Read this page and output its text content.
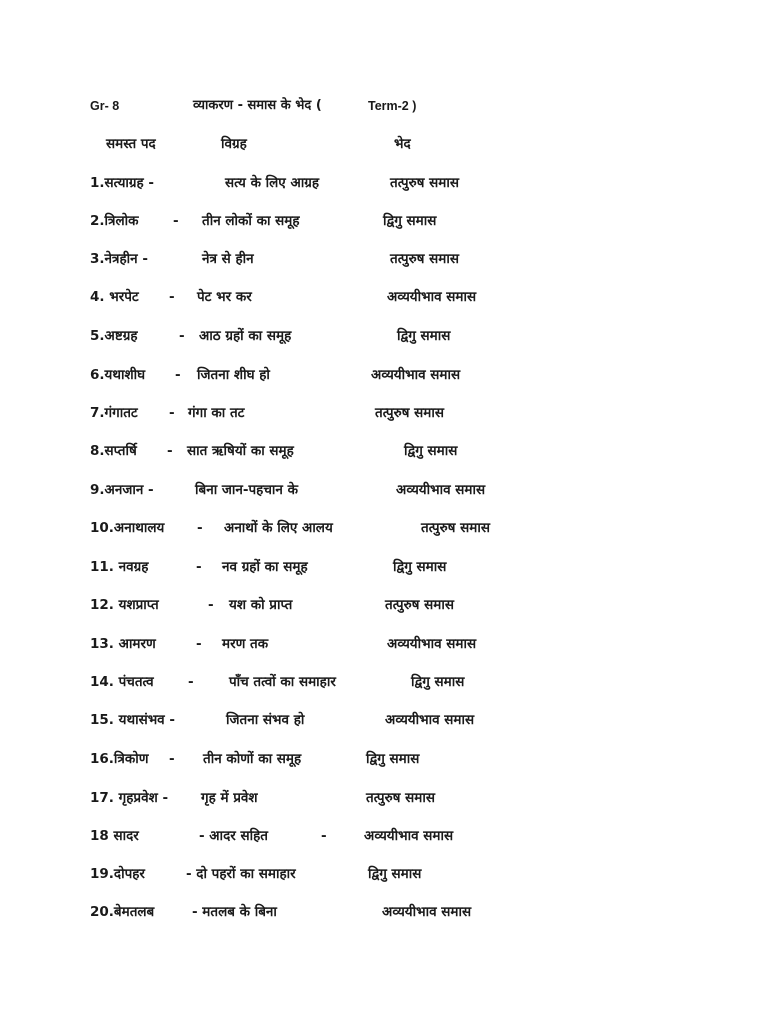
Gr- 8	व्याकरण - समास के भेद (	Term-2 )
समस्त पद	विग्रह	भेद
1.सत्याग्रह -	सत्य के लिए आग्रह	तत्पुरुष समास
2.त्रिलोक	- तीन लोकों का समूह	द्विगु समास
3.नेत्रहीन -	नेत्र से हीन	तत्पुरुष समास
4. भरपेट - पेट भर कर	अव्ययीभाव समास
5.अष्टग्रह	- आठ ग्रहों का समूह	द्विगु समास
6.यथाशीघ - जितना शीघ हो	अव्ययीभाव समास
7.गंगातट - गंगा का तट	तत्पुरुष समास
8.सप्तर्षि - सात ऋषियों का समूह	द्विगु समास
9.अनजान -	बिना जान-पहचान के	अव्ययीभाव समास
10.अनाथालय - अनाथों के लिए आलय	तत्पुरुष समास
11. नवग्रह	- नव ग्रहों का समूह	द्विगु समास
12. यशप्राप्त	- यश को प्राप्त	तत्पुरुष समास
13. आमरण	- मरण तक	अव्ययीभाव समास
14. पंचतत्व	-	पाँच तत्वों का समाहार	द्विगु समास
15. यथासंभव -	जितना संभव हो	अव्ययीभाव समास
16.त्रिकोण - तीन कोणों का समूह	द्विगु समास
17. गृहप्रवेश - गृह में प्रवेश	तत्पुरुष समास
18 सादर	- आदर सहित	-	अव्ययीभाव समास
19.दोपहर	- दो पहरों का समाहार	द्विगु समास
20.बेमतलब	- मतलब के बिना	अव्ययीभाव समास
